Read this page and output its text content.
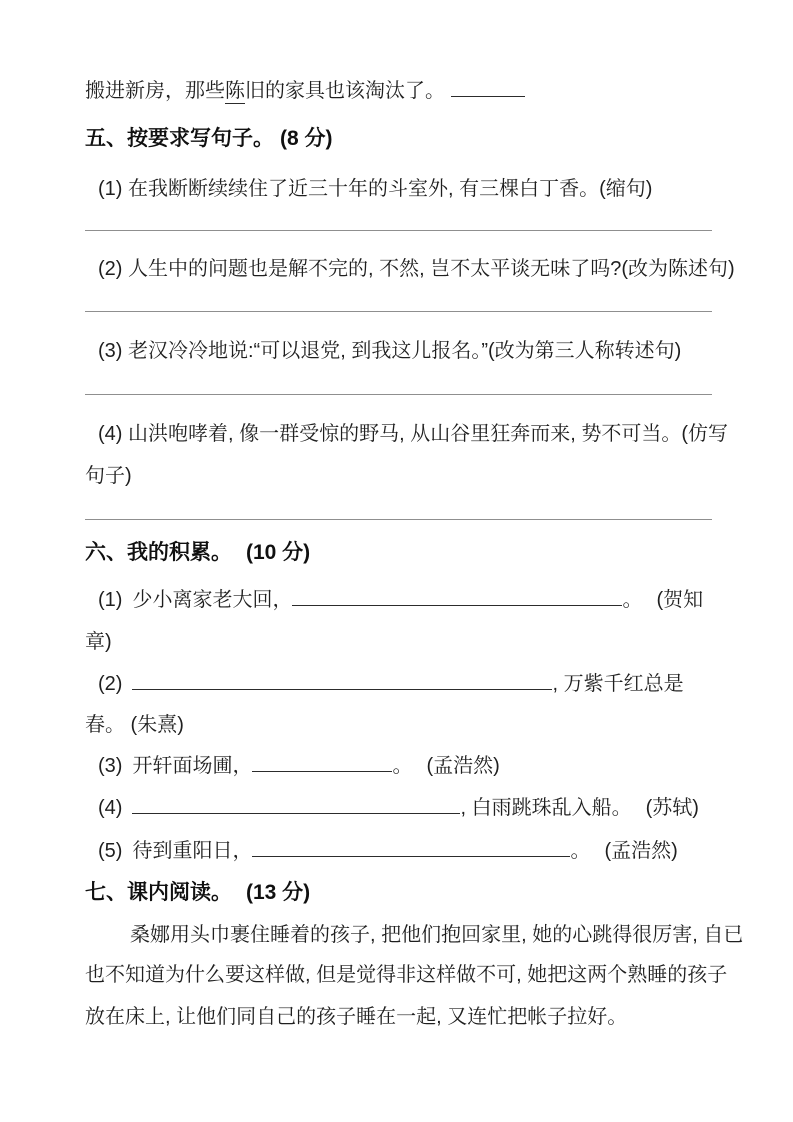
搬进新房，那些陈旧的家具也该淘汰了。
五、按要求写句子。 (8 分)
(1) 在我断断续续住了近三十年的斗室外, 有三棵白丁香。(缩句)
(2) 人生中的问题也是解不完的, 不然, 岂不太平谈无味了吗?(改为陈述句)
(3) 老汉冷冷地说:“可以退党, 到我这儿报名。”(改为第三人称转述句)
(4) 山洪咆哮着, 像一群受惊的野马, 从山谷里狂奔而来, 势不可当。(仿写
句子)
六、我的积累。 (10 分)
(1) 少小离家老大回，	。 (贺知
章)
(2)	, 万紫千红总是
春。 (朱熹)
(3) 开轩面场圃，	。 (孟浩然)
(4)	, 白雨跳珠乱入船。 (苏轼)
(5) 待到重阳日，	。 (孟浩然)
七、课内阅读。 (13 分)
桑娜用头巾裹住睡着的孩子, 把他们抱回家里, 她的心跳得很厉害, 自已
也不知道为什么要这样做, 但是觉得非这样做不可, 她把这两个熟睡的孩子
放在床上, 让他们同自己的孩子睡在一起, 又连忙把帐子拉好。
